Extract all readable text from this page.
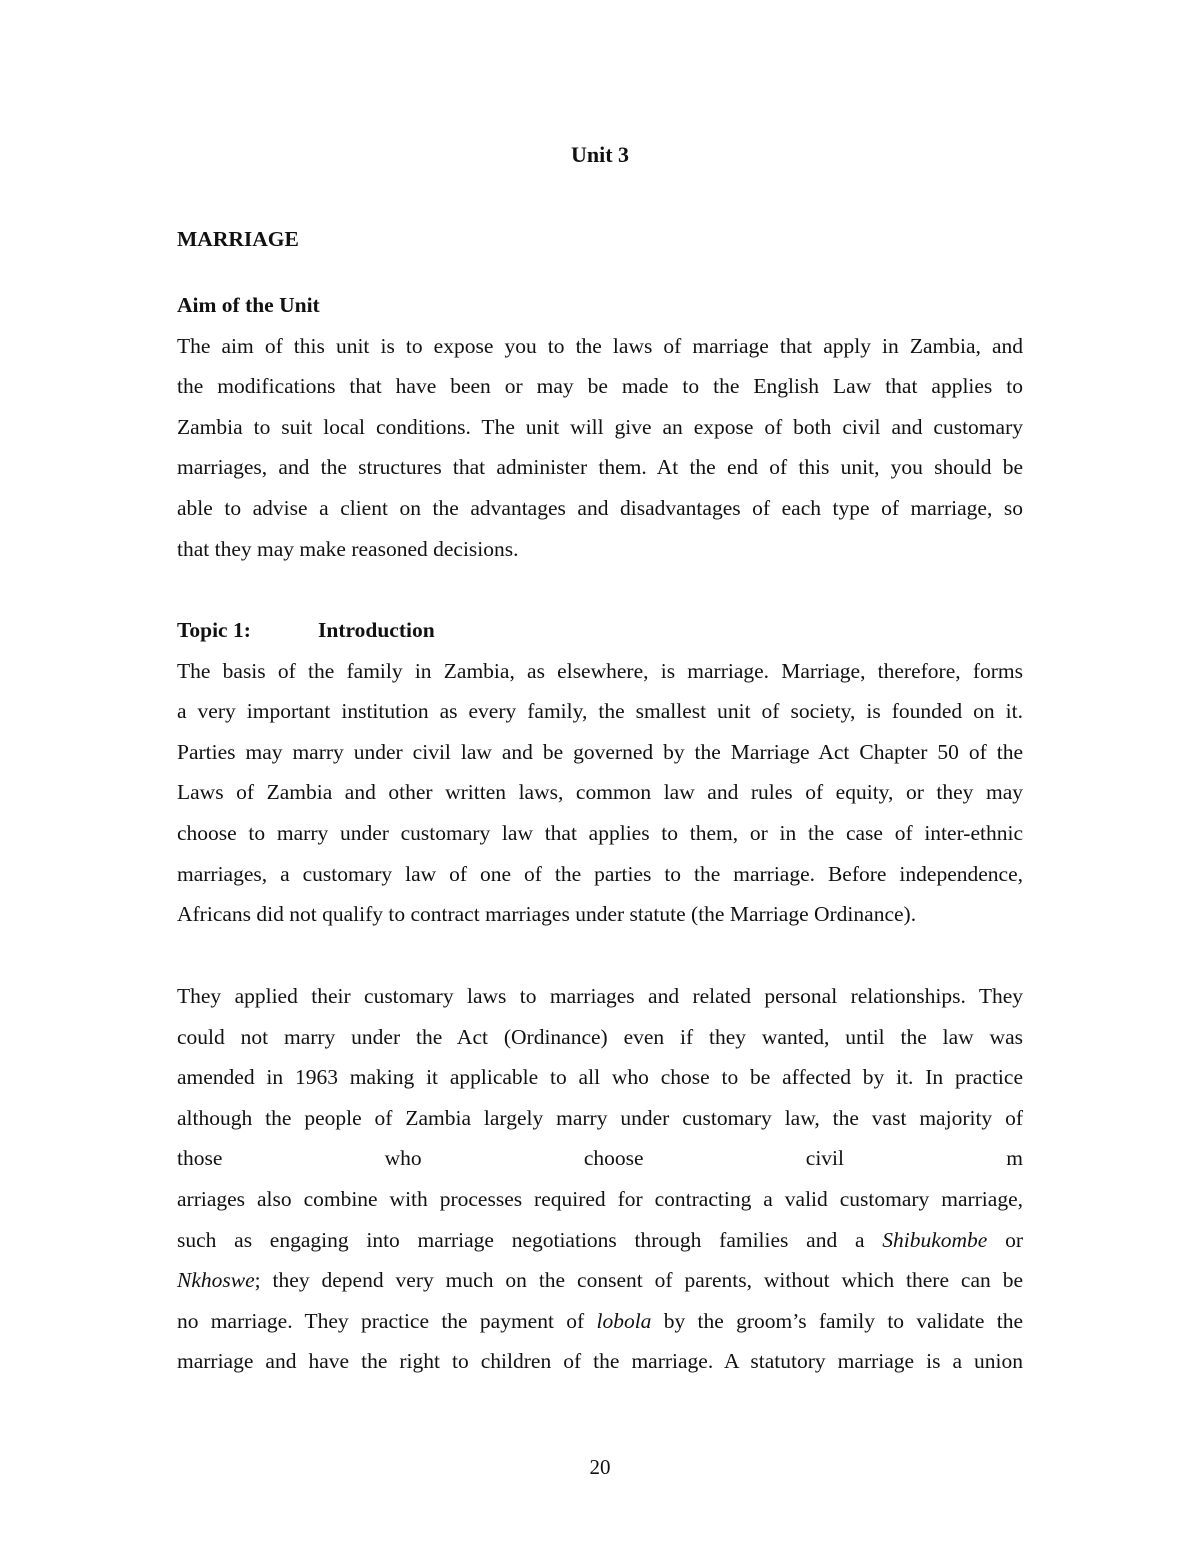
Unit 3
MARRIAGE
Aim of the Unit
The aim of this unit is to expose you to the laws of marriage that apply in Zambia, and
the modifications that have been or may be made to the English Law that applies to
Zambia to suit local conditions. The unit will give an expose of both civil and customary
marriages, and the structures that administer them. At the end of this unit, you should be
able to advise a client on the advantages and disadvantages of each type of marriage, so
that they may make reasoned decisions.
Topic 1:	Introduction
The basis of the family in Zambia, as elsewhere, is marriage. Marriage, therefore, forms
a very important institution as every family, the smallest unit of society, is founded on it.
Parties may marry under civil law and be governed by the Marriage Act Chapter 50 of the
Laws of Zambia and other written laws, common law and rules of equity, or they may
choose to marry under customary law that applies to them, or in the case of inter-ethnic
marriages, a customary law of one of the parties to the marriage. Before independence,
Africans did not qualify to contract marriages under statute (the Marriage Ordinance).
They applied their customary laws to marriages and related personal relationships. They
could not marry under the Act (Ordinance) even if they wanted, until the law was
amended in 1963 making it applicable to all who chose to be affected by it. In practice
although the people of Zambia largely marry under customary law, the vast majority of
those	who	choose	civil	m
arriages also combine with processes required for contracting a valid customary marriage,
such as engaging into marriage negotiations through families and a Shibukombe or
Nkhoswe; they depend very much on the consent of parents, without which there can be
no marriage. They practice the payment of lobola by the groom’s family to validate the
marriage and have the right to children of the marriage. A statutory marriage is a union
20
